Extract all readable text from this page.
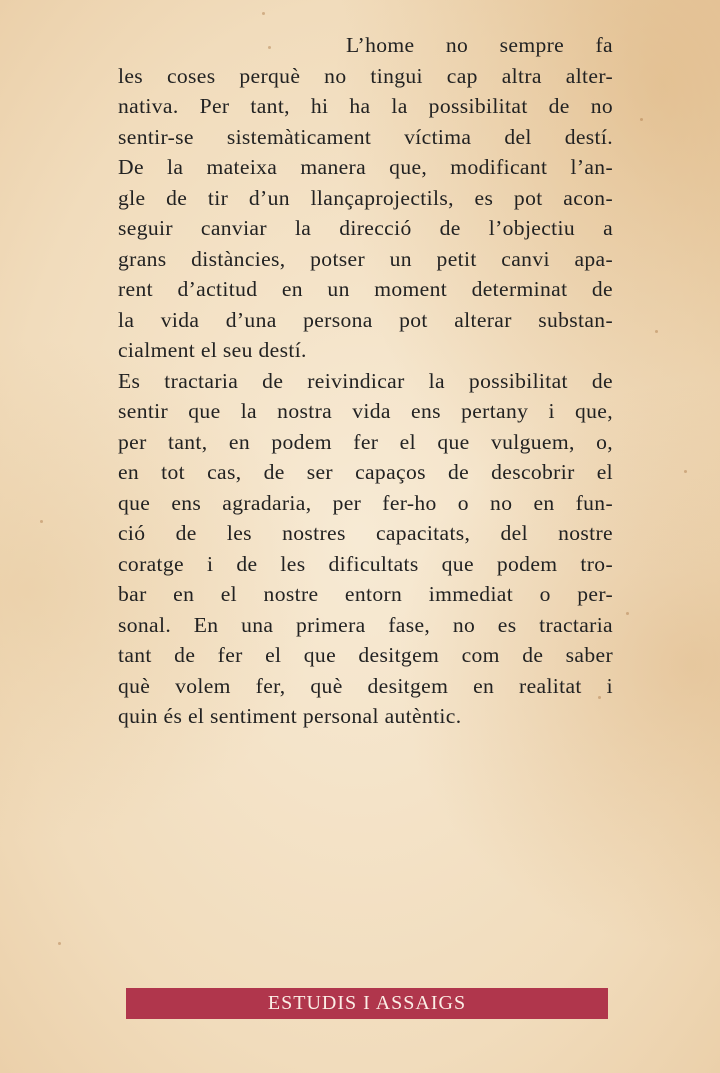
L’home no sempre fa
les coses perquè no tingui cap altra alter-
nativa. Per tant, hi ha la possibilitat de no
sentir-se sistemàticament víctima del destí.
De la mateixa manera que, modificant l’an-
gle de tir d’un llançaprojectils, es pot acon-
seguir canviar la direcció de l’objectiu a
grans distàncies, potser un petit canvi apa-
rent d’actitud en un moment determinat de
la vida d’una persona pot alterar substan-
cialment el seu destí.
Es tractaria de reivindicar la possibilitat de
sentir que la nostra vida ens pertany i que,
per tant, en podem fer el que vulguem, o,
en tot cas, de ser capaços de descobrir el
que ens agradaria, per fer-ho o no en fun-
ció de les nostres capacitats, del nostre
coratge i de les dificultats que podem tro-
bar en el nostre entorn immediat o per-
sonal. En una primera fase, no es tractaria
tant de fer el que desitgem com de saber
què volem fer, què desitgem en realitat i
quin és el sentiment personal autèntic.
ESTUDIS I ASSAIGS
